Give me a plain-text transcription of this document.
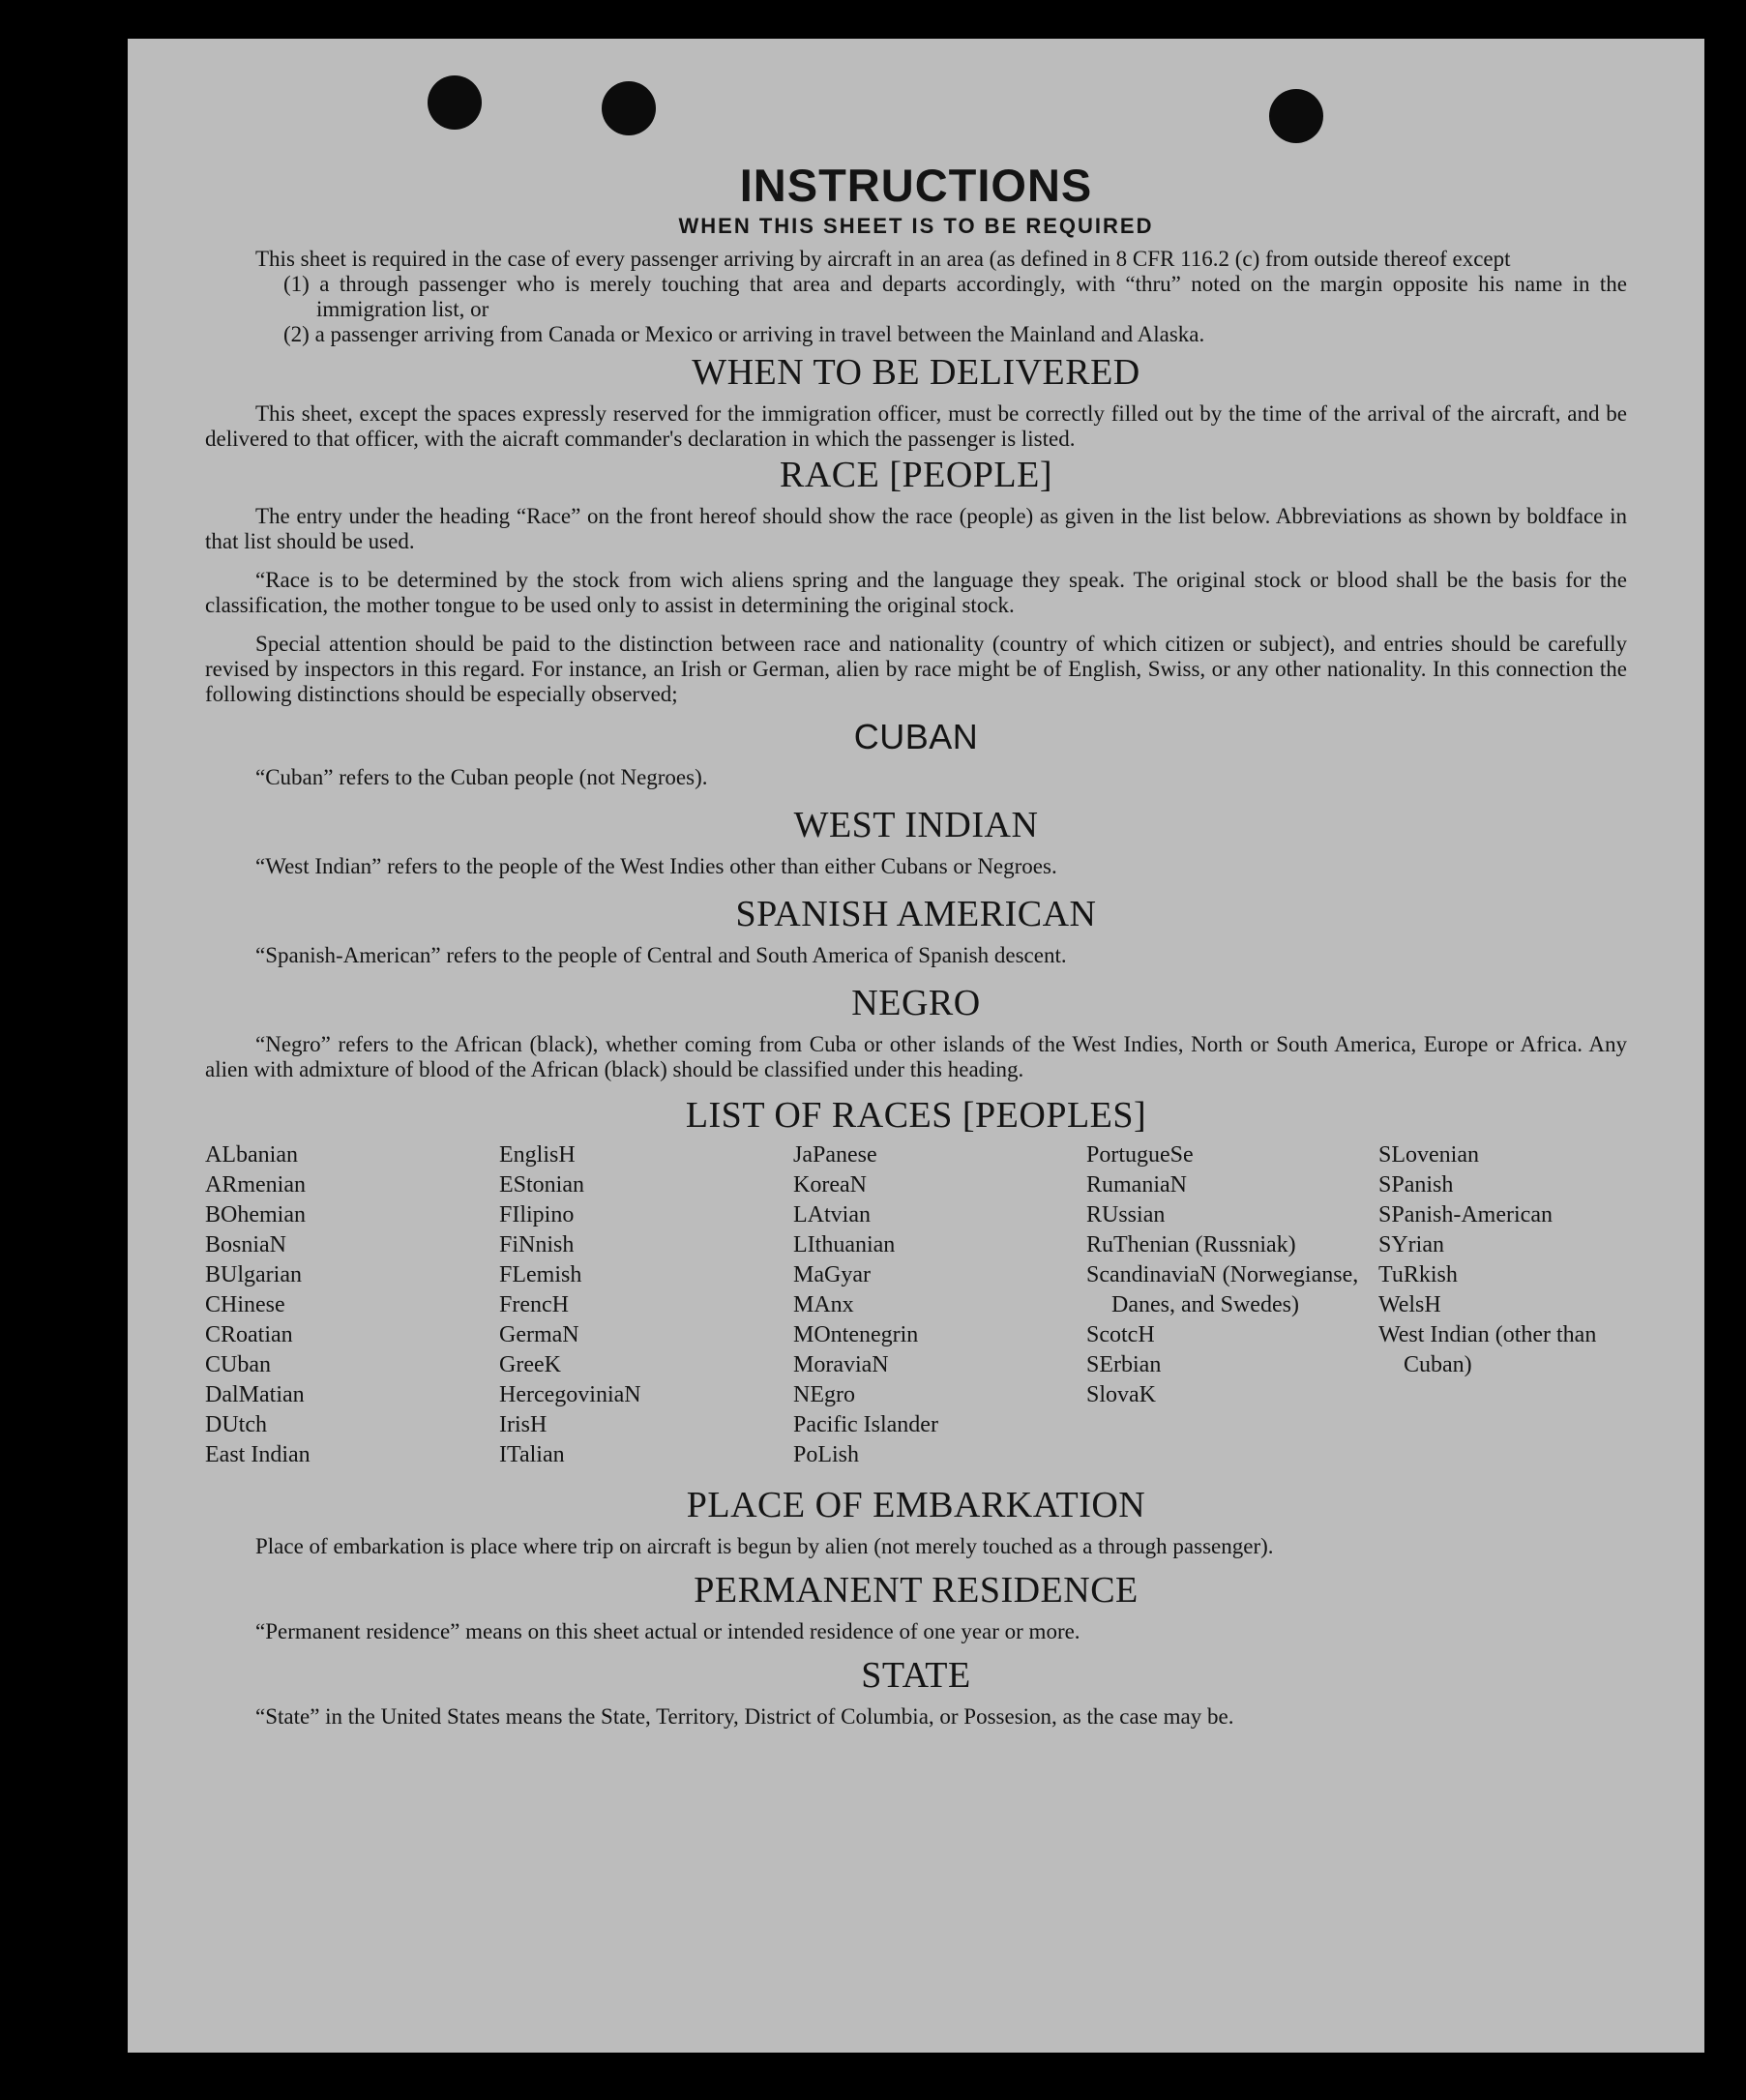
INSTRUCTIONS
WHEN THIS SHEET IS TO BE REQUIRED

This sheet is required in the case of every passenger arriving by aircraft in an area (as defined in 8 CFR 116.2 (c) from outside thereof except

(1) a through passenger who is merely touching that area and departs accordingly, with “thru” noted on the margin opposite his name in the immigration list, or

(2) a passenger arriving from Canada or Mexico or arriving in travel between the Mainland and Alaska.

WHEN TO BE DELIVERED

This sheet, except the spaces expressly reserved for the immigration officer, must be correctly filled out by the time of the arrival of the aircraft, and be delivered to that officer, with the aicraft commander's declaration in which the passenger is listed.

RACE [PEOPLE]

The entry under the heading “Race” on the front hereof should show the race (people) as given in the list below. Abbreviations as shown by boldface in that list should be used.

“Race is to be determined by the stock from wich aliens spring and the language they speak. The original stock or blood shall be the basis for the classification, the mother tongue to be used only to assist in determining the original stock.

Special attention should be paid to the distinction between race and nationality (country of which citizen or subject), and entries should be carefully revised by inspectors in this regard. For instance, an Irish or German, alien by race might be of English, Swiss, or any other nationality. In this connection the following distinctions should be especially observed;

CUBAN

“Cuban” refers to the Cuban people (not Negroes).

WEST INDIAN

“West Indian” refers to the people of the West Indies other than either Cubans or Negroes.

SPANISH AMERICAN

“Spanish-American” refers to the people of Central and South America of Spanish descent.

NEGRO

“Negro” refers to the African (black), whether coming from Cuba or other islands of the West Indies, North or South America, Europe or Africa. Any alien with admixture of blood of the African (black) should be classified under this heading.

LIST OF RACES [PEOPLES]
ALbanian
ARmenian
BOhemian
BosniaN
BUlgarian
CHinese
CRoatian
CUban
DalMatian
DUtch
East Indian
EnglisH
EStonian
FIlipino
FiNnish
FLemish
FrencH
GermaN
GreeK
HercegoviniaN
IrisH
ITalian
JaPanese
KoreaN
LAtvian
LIthuanian
MaGyar
MAnx
MOntenegrin
MoraviaN
NEgro
Pacific Islander
PoLish
PortugueSe
RumaniaN
RUssian
RuThenian (Russniak)
ScandinaviaN (Norwegianse, Danes, and Swedes)
ScotcH
SErbian
SlovaK
SLovenian
SPanish
SPanish-American
SYrian
TuRkish
WelsH
West Indian (other than Cuban)
PLACE OF EMBARKATION

Place of embarkation is place where trip on aircraft is begun by alien (not merely touched as a through passenger).

PERMANENT RESIDENCE

“Permanent residence” means on this sheet actual or intended residence of one year or more.

STATE

“State” in the United States means the State, Territory, District of Columbia, or Possesion, as the case may be.
